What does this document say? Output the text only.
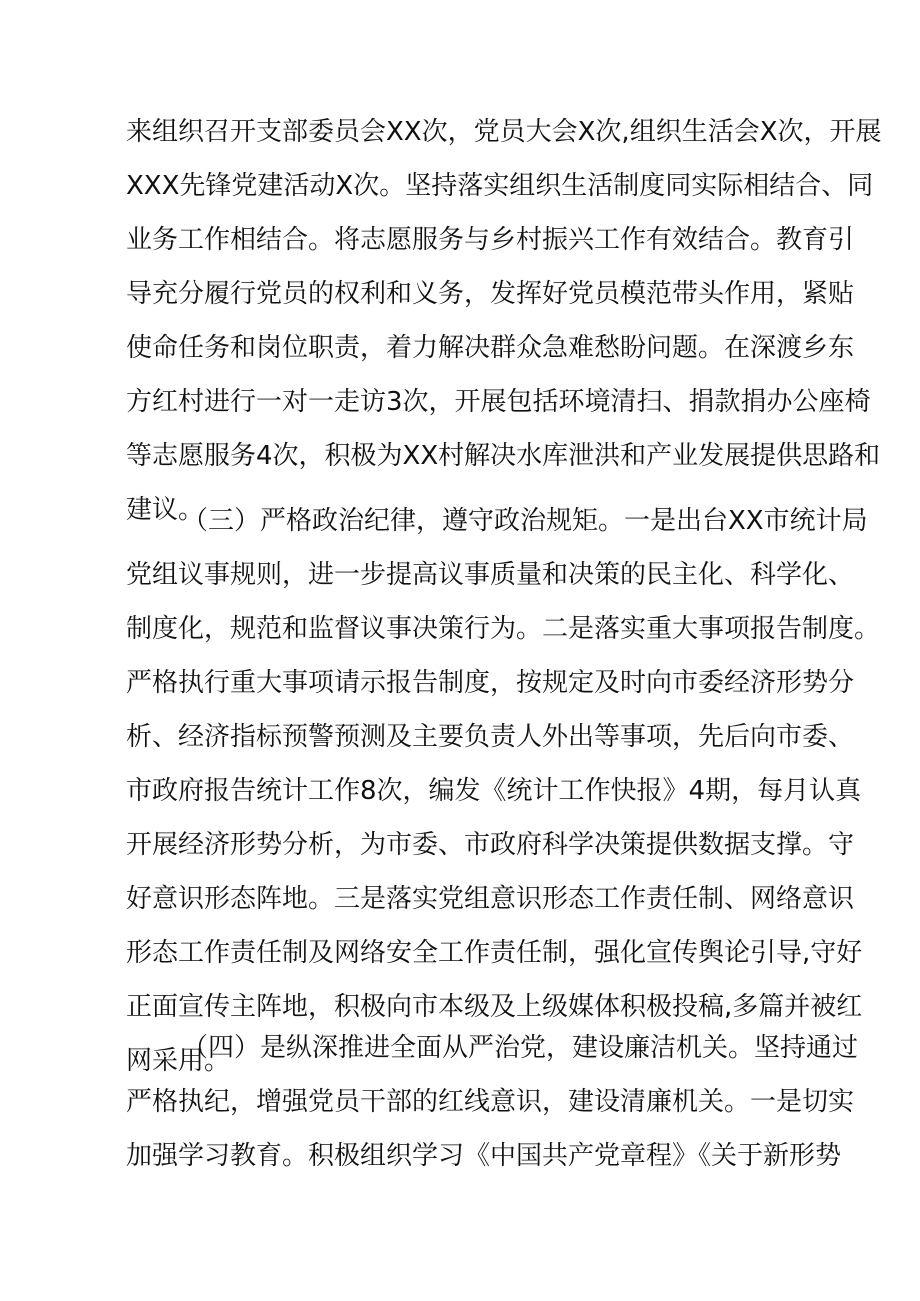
来组织召开支部委员会XX次，党员大会X次,组织生活会X次，开展
XXX先锋党建活动X次。坚持落实组织生活制度同实际相结合、同
业务工作相结合。将志愿服务与乡村振兴工作有效结合。教育引
导充分履行党员的权利和义务，发挥好党员模范带头作用，紧贴
使命任务和岗位职责，着力解决群众急难愁盼问题。在深渡乡东
方红村进行一对一走访3次，开展包括环境清扫、捐款捐办公座椅
等志愿服务4次，积极为XX村解决水库泄洪和产业发展提供思路和
建议。
（三）严格政治纪律，遵守政治规矩。一是出台XX市统计局
党组议事规则，进一步提高议事质量和决策的民主化、科学化、
制度化，规范和监督议事决策行为。二是落实重大事项报告制度。
严格执行重大事项请示报告制度，按规定及时向市委经济形势分
析、经济指标预警预测及主要负责人外出等事项，先后向市委、
市政府报告统计工作8次，编发《统计工作快报》4期，每月认真
开展经济形势分析，为市委、市政府科学决策提供数据支撑。守
好意识形态阵地。三是落实党组意识形态工作责任制、网络意识
形态工作责任制及网络安全工作责任制，强化宣传舆论引导,守好
正面宣传主阵地，积极向市本级及上级媒体积极投稿,多篇并被红
网采用。
（四）是纵深推进全面从严治党，建设廉洁机关。坚持通过
严格执纪，增强党员干部的红线意识，建设清廉机关。一是切实
加强学习教育。积极组织学习《中国共产党章程》《关于新形势
